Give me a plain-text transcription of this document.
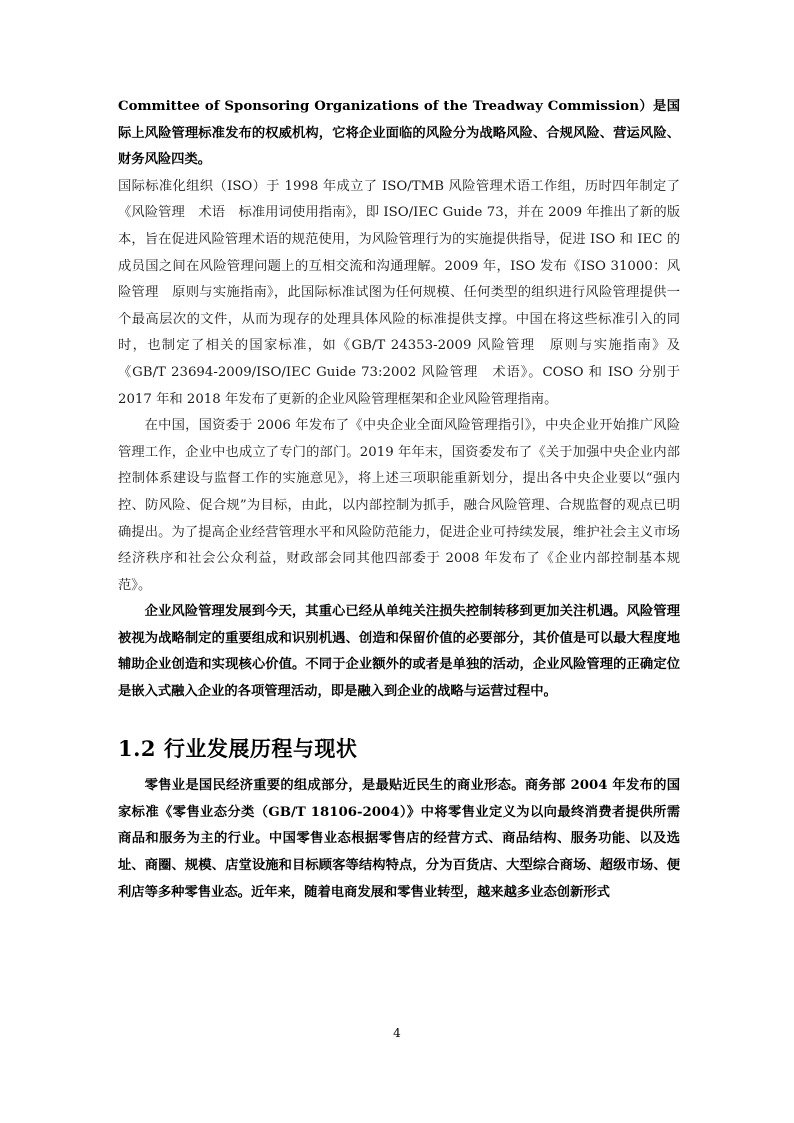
Committee of Sponsoring Organizations of the Treadway Commission）是国际上风险管理标准发布的权威机构，它将企业面临的风险分为战略风险、合规风险、营运风险、财务风险四类。

国际标准化组织（ISO）于 1998 年成立了 ISO/TMB 风险管理术语工作组，历时四年制定了《风险管理　术语　标准用词使用指南》，即 ISO/IEC Guide 73，并在 2009 年推出了新的版本，旨在促进风险管理术语的规范使用，为风险管理行为的实施提供指导，促进 ISO 和 IEC 的成员国之间在风险管理问题上的互相交流和沟通理解。2009 年，ISO 发布《ISO 31000：风险管理　原则与实施指南》，此国际标准试图为任何规模、任何类型的组织进行风险管理提供一个最高层次的文件，从而为现存的处理具体风险的标准提供支撑。中国在将这些标准引入的同时，也制定了相关的国家标准，如《GB/T 24353-2009 风险管理　原则与实施指南》及《GB/T 23694-2009/ISO/IEC Guide 73:2002 风险管理　术语》。COSO 和 ISO 分别于 2017 年和 2018 年发布了更新的企业风险管理框架和企业风险管理指南。

在中国，国资委于 2006 年发布了《中央企业全面风险管理指引》，中央企业开始推广风险管理工作，企业中也成立了专门的部门。2019 年年末，国资委发布了《关于加强中央企业内部控制体系建设与监督工作的实施意见》，将上述三项职能重新划分，提出各中央企业要以“强内控、防风险、促合规”为目标，由此，以内部控制为抓手，融合风险管理、合规监督的观点已明确提出。为了提高企业经营管理水平和风险防范能力，促进企业可持续发展，维护社会主义市场经济秩序和社会公众利益，财政部会同其他四部委于 2008 年发布了《企业内部控制基本规范》。

企业风险管理发展到今天，其重心已经从单纯关注损失控制转移到更加关注机遇。风险管理被视为战略制定的重要组成和识别机遇、创造和保留价值的必要部分，其价值是可以最大程度地辅助企业创造和实现核心价值。不同于企业额外的或者是单独的活动，企业风险管理的正确定位是嵌入式融入企业的各项管理活动，即是融入到企业的战略与运营过程中。

1.2 行业发展历程与现状

零售业是国民经济重要的组成部分，是最贴近民生的商业形态。商务部 2004 年发布的国家标准《零售业态分类（GB/T 18106-2004）》中将零售业定义为以向最终消费者提供所需商品和服务为主的行业。中国零售业态根据零售店的经营方式、商品结构、服务功能、以及选址、商圈、规模、店堂设施和目标顾客等结构特点，分为百货店、大型综合商场、超级市场、便利店等多种零售业态。近年来，随着电商发展和零售业转型，越来越多业态创新形式

4
